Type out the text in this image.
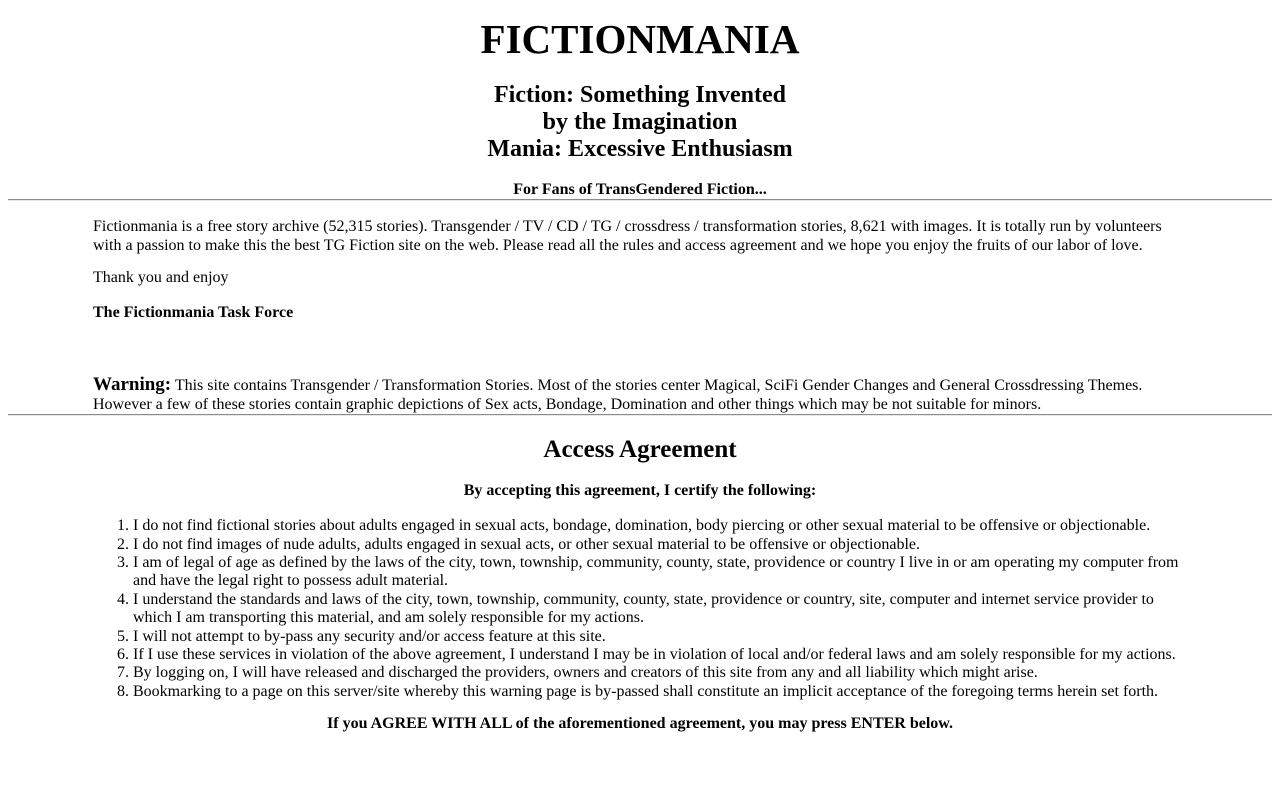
FICTIONMANIA
Fiction: Something Invented
by the Imagination
Mania: Excessive Enthusiasm
For Fans of TransGendered Fiction...

Fictionmania is a free story archive (52,315 stories). Transgender / TV / CD / TG / crossdress / transformation stories, 8,621 with images. It is totally run by volunteers with a passion to make this the best TG Fiction site on the web. Please read all the rules and access agreement and we hope you enjoy the fruits of our labor of love.

Thank you and enjoy

The Fictionmania Task Force

Warning: This site contains Transgender / Transformation Stories. Most of the stories center Magical, SciFi Gender Changes and General Crossdressing Themes. However a few of these stories contain graphic depictions of Sex acts, Bondage, Domination and other things which may be not suitable for minors.

Access Agreement

By accepting this agreement, I certify the following:

1. I do not find fictional stories about adults engaged in sexual acts, bondage, domination, body piercing or other sexual material to be offensive or objectionable.
2. I do not find images of nude adults, adults engaged in sexual acts, or other sexual material to be offensive or objectionable.
3. I am of legal of age as defined by the laws of the city, town, township, community, county, state, providence or country I live in or am operating my computer from and have the legal right to possess adult material.
4. I understand the standards and laws of the city, town, township, community, county, state, providence or country, site, computer and internet service provider to which I am transporting this material, and am solely responsible for my actions.
5. I will not attempt to by-pass any security and/or access feature at this site.
6. If I use these services in violation of the above agreement, I understand I may be in violation of local and/or federal laws and am solely responsible for my actions.
7. By logging on, I will have released and discharged the providers, owners and creators of this site from any and all liability which might arise.
8. Bookmarking to a page on this server/site whereby this warning page is by-passed shall constitute an implicit acceptance of the foregoing terms herein set forth.

If you AGREE WITH ALL of the aforementioned agreement, you may press ENTER below.
